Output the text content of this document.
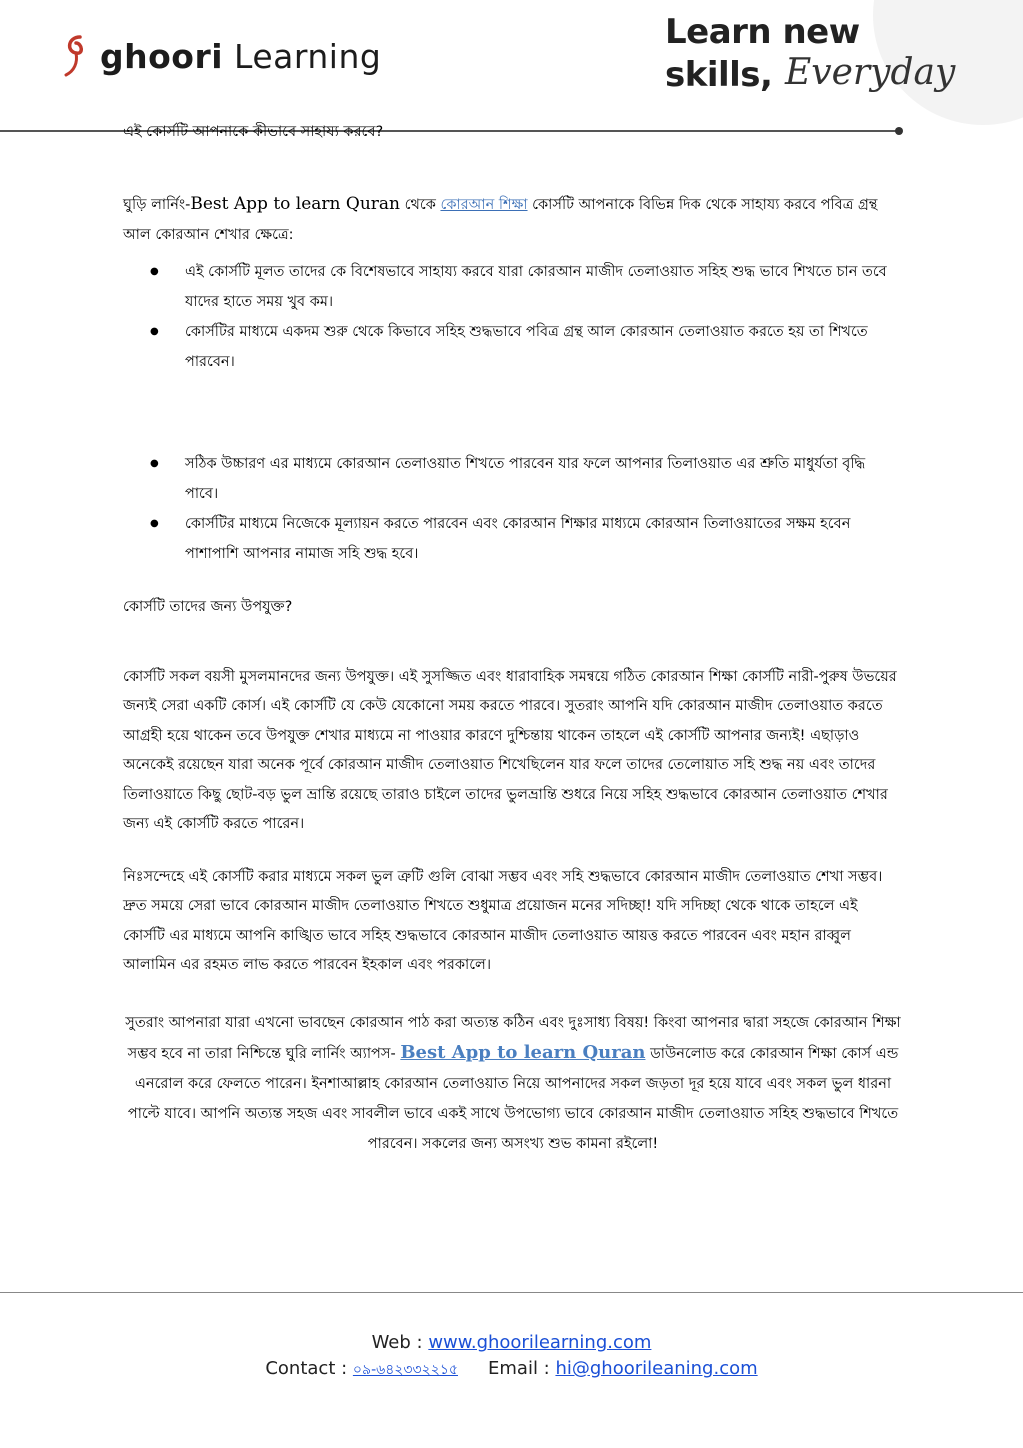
ghoori Learning
Learn new
skills, Everyday
এই কোর্সটি আপনাকে কীভাবে সাহায্য করবে?

ঘুড়ি লার্নিং-Best App to learn Quran থেকে কোরআন শিক্ষা কোর্সটি আপনাকে বিভিন্ন দিক থেকে সাহায্য করবে পবিত্র গ্রন্থ আল কোরআন শেখার ক্ষেত্রে:

● এই কোর্সটি মূলত তাদের কে বিশেষভাবে সাহায্য করবে যারা কোরআন মাজীদ তেলাওয়াত সহিহ শুদ্ধ ভাবে শিখতে চান তবে যাদের হাতে সময় খুব কম।
● কোর্সটির মাধ্যমে একদম শুরু থেকে কিভাবে সহিহ শুদ্ধভাবে পবিত্র গ্রন্থ আল কোরআন তেলাওয়াত করতে হয় তা শিখতে পারবেন।
● সঠিক উচ্চারণ এর মাধ্যমে কোরআন তেলাওয়াত শিখতে পারবেন যার ফলে আপনার তিলাওয়াত এর শ্রুতি মাধুর্যতা বৃদ্ধি পাবে।
● কোর্সটির মাধ্যমে নিজেকে মূল্যায়ন করতে পারবেন এবং কোরআন শিক্ষার মাধ্যমে কোরআন তিলাওয়াতের সক্ষম হবেন পাশাপাশি আপনার নামাজ সহি শুদ্ধ হবে।
কোর্সটি তাদের জন্য উপযুক্ত?

কোর্সটি সকল বয়সী মুসলমানদের জন্য উপযুক্ত। এই সুসজ্জিত এবং ধারাবাহিক সমন্বয়ে গঠিত কোরআন শিক্ষা কোর্সটি নারী-পুরুষ উভয়ের জন্যই সেরা একটি কোর্স। এই কোর্সটি যে কেউ যেকোনো সময় করতে পারবে। সুতরাং আপনি যদি কোরআন মাজীদ তেলাওয়াত করতে আগ্রহী হয়ে থাকেন তবে উপযুক্ত শেখার মাধ্যমে না পাওয়ার কারণে দুশ্চিন্তায় থাকেন তাহলে এই কোর্সটি আপনার জন্যই! এছাড়াও অনেকেই রয়েছেন যারা অনেক পূর্বে কোরআন মাজীদ তেলাওয়াত শিখেছিলেন যার ফলে তাদের তেলোয়াত সহি শুদ্ধ নয় এবং তাদের তিলাওয়াতে কিছু ছোট-বড় ভুল ভ্রান্তি রয়েছে তারাও চাইলে তাদের ভুলভ্রান্তি শুধরে নিয়ে সহিহ শুদ্ধভাবে কোরআন তেলাওয়াত শেখার জন্য এই কোর্সটি করতে পারেন।

নিঃসন্দেহে এই কোর্সটি করার মাধ্যমে সকল ভুল ত্রুটি গুলি বোঝা সম্ভব এবং সহি শুদ্ধভাবে কোরআন মাজীদ তেলাওয়াত শেখা সম্ভব। দ্রুত সময়ে সেরা ভাবে কোরআন মাজীদ তেলাওয়াত শিখতে শুধুমাত্র প্রয়োজন মনের সদিচ্ছা! যদি সদিচ্ছা থেকে থাকে তাহলে এই কোর্সটি এর মাধ্যমে আপনি কাঙ্খিত ভাবে সহিহ শুদ্ধভাবে কোরআন মাজীদ তেলাওয়াত আয়ত্ত করতে পারবেন এবং মহান রাব্বুল আলামিন এর রহমত লাভ করতে পারবেন ইহকাল এবং পরকালে।

সুতরাং আপনারা যারা এখনো ভাবছেন কোরআন পাঠ করা অত্যন্ত কঠিন এবং দুঃসাধ্য বিষয়! কিংবা আপনার দ্বারা সহজে কোরআন শিক্ষা সম্ভব হবে না তারা নিশ্চিন্তে ঘুরি লার্নিং অ্যাপস- Best App to learn Quran ডাউনলোড করে কোরআন শিক্ষা কোর্স এন্ড এনরোল করে ফেলতে পারেন। ইনশাআল্লাহ কোরআন তেলাওয়াত নিয়ে আপনাদের সকল জড়তা দূর হয়ে যাবে এবং সকল ভুল ধারনা পাল্টে যাবে। আপনি অত্যন্ত সহজ এবং সাবলীল ভাবে একই সাথে উপভোগ্য ভাবে কোরআন মাজীদ তেলাওয়াত সহিহ শুদ্ধভাবে শিখতে পারবেন। সকলের জন্য অসংখ্য শুভ কামনা রইলো!

Web : www.ghoorilearning.com
Contact : ০৯-৬৪২৩৩২২১৫ Email : hi@ghoorileaning.com
